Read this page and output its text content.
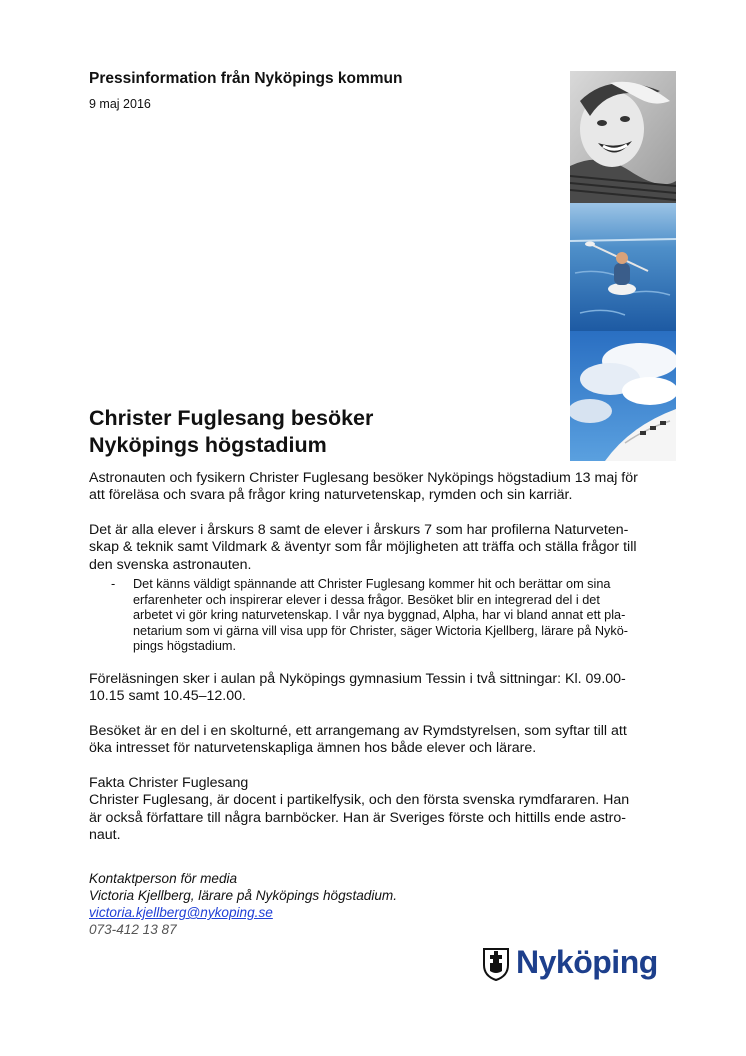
Pressinformation från Nyköpings kommun
9 maj 2016
Christer Fuglesang besöker
Nyköpings högstadium
Astronauten och fysikern Christer Fuglesang besöker Nyköpings högstadium 13 maj för
att föreläsa och svara på frågor kring naturvetenskap, rymden och sin karriär.
Det är alla elever i årskurs 8 samt de elever i årskurs 7 som har profilerna Naturveten-
skap & teknik samt Vildmark & äventyr som får möjligheten att träffa och ställa frågor till
den svenska astronauten.
- Det känns väldigt spännande att Christer Fuglesang kommer hit och berättar om sina
erfarenheter och inspirerar elever i dessa frågor. Besöket blir en integrerad del i det
arbetet vi gör kring naturvetenskap. I vår nya byggnad, Alpha, har vi bland annat ett pla-
netarium som vi gärna vill visa upp för Christer, säger Wictoria Kjellberg, lärare på Nykö-
pings högstadium.
Föreläsningen sker i aulan på Nyköpings gymnasium Tessin i två sittningar: Kl. 09.00-
10.15 samt 10.45–12.00.
Besöket är en del i en skolturné, ett arrangemang av Rymdstyrelsen, som syftar till att
öka intresset för naturvetenskapliga ämnen hos både elever och lärare.
Fakta Christer Fuglesang
Christer Fuglesang, är docent i partikelfysik, och den första svenska rymdfararen. Han
är också författare till några barnböcker. Han är Sveriges förste och hittills ende astro-
naut.
Kontaktperson för media
Victoria Kjellberg, lärare på Nyköpings högstadium.
victoria.kjellberg@nykoping.se
073-412 13 87
Nyköping
